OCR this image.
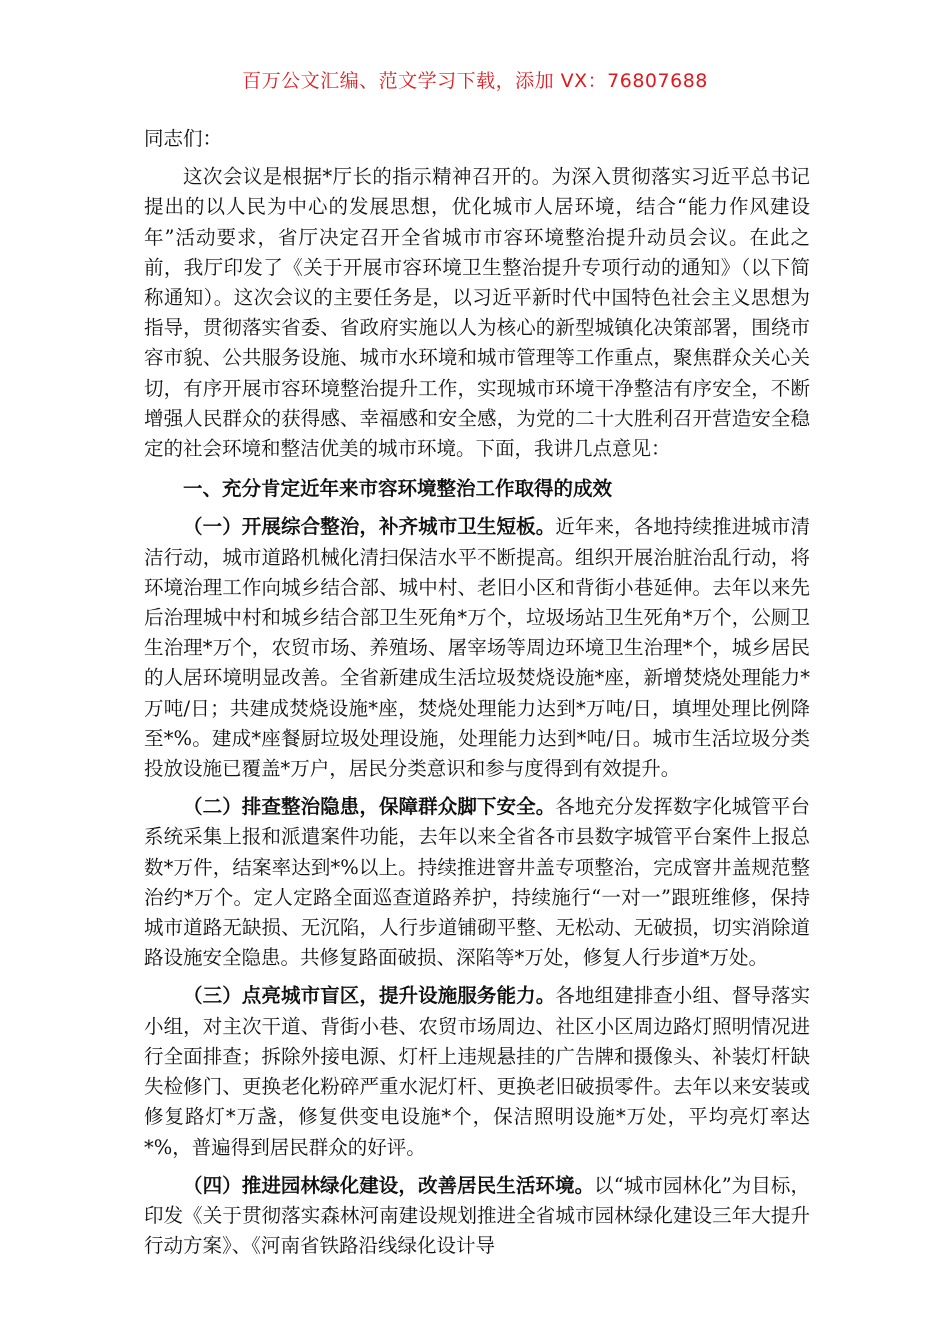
百万公文汇编、范文学习下载，添加 VX：76807688

同志们：

这次会议是根据*厅长的指示精神召开的。为深入贯彻落实习近平总书记提出的以人民为中心的发展思想，优化城市人居环境，结合“能力作风建设年”活动要求，省厅决定召开全省城市市容环境整治提升动员会议。在此之前，我厅印发了《关于开展市容环境卫生整治提升专项行动的通知》（以下简称通知）。这次会议的主要任务是，以习近平新时代中国特色社会主义思想为指导，贯彻落实省委、省政府实施以人为核心的新型城镇化决策部署，围绕市容市貌、公共服务设施、城市水环境和城市管理等工作重点，聚焦群众关心关切，有序开展市容环境整治提升工作，实现城市环境干净整洁有序安全，不断增强人民群众的获得感、幸福感和安全感，为党的二十大胜利召开营造安全稳定的社会环境和整洁优美的城市环境。下面，我讲几点意见：

一、充分肯定近年来市容环境整治工作取得的成效

（一）开展综合整治，补齐城市卫生短板。近年来，各地持续推进城市清洁行动，城市道路机械化清扫保洁水平不断提高。组织开展治脏治乱行动，将环境治理工作向城乡结合部、城中村、老旧小区和背街小巷延伸。去年以来先后治理城中村和城乡结合部卫生死角*万个，垃圾场站卫生死角*万个，公厕卫生治理*万个，农贸市场、养殖场、屠宰场等周边环境卫生治理*个，城乡居民的人居环境明显改善。全省新建成生活垃圾焚烧设施*座，新增焚烧处理能力*万吨/日；共建成焚烧设施*座，焚烧处理能力达到*万吨/日，填埋处理比例降至*%。建成*座餐厨垃圾处理设施，处理能力达到*吨/日。城市生活垃圾分类投放设施已覆盖*万户，居民分类意识和参与度得到有效提升。

（二）排查整治隐患，保障群众脚下安全。各地充分发挥数字化城管平台系统采集上报和派遣案件功能，去年以来全省各市县数字城管平台案件上报总数*万件，结案率达到*%以上。持续推进窨井盖专项整治，完成窨井盖规范整治约*万个。定人定路全面巡查道路养护，持续施行“一对一”跟班维修，保持城市道路无缺损、无沉陷，人行步道铺砌平整、无松动、无破损，切实消除道路设施安全隐患。共修复路面破损、深陷等*万处，修复人行步道*万处。

（三）点亮城市盲区，提升设施服务能力。各地组建排查小组、督导落实小组，对主次干道、背街小巷、农贸市场周边、社区小区周边路灯照明情况进行全面排查；拆除外接电源、灯杆上违规悬挂的广告牌和摄像头、补装灯杆缺失检修门、更换老化粉碎严重水泥灯杆、更换老旧破损零件。去年以来安装或修复路灯*万盏，修复供变电设施*个，保洁照明设施*万处，平均亮灯率达*%，普遍得到居民群众的好评。

（四）推进园林绿化建设，改善居民生活环境。以“城市园林化”为目标，印发《关于贯彻落实森林河南建设规划推进全省城市园林绿化建设三年大提升行动方案》、《河南省铁路沿线绿化设计导
